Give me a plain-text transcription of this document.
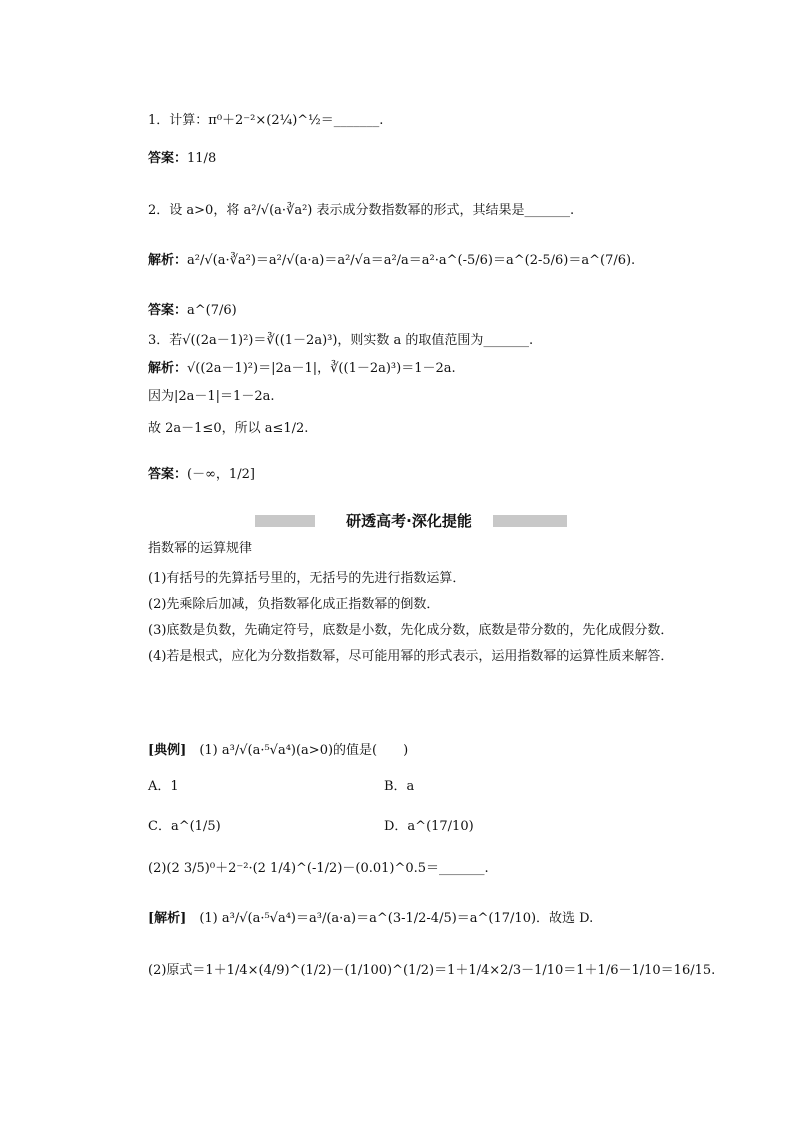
1．计算：π⁰＋2⁻²×(2¼)^½＝_______.
答案：11/8
2．设 a>0，将 a²/√(a·∛a²) 表示成分数指数幂的形式，其结果是_______.
解析：a²/√(a·∛a²)＝a²/√(a·a)＝a²/√a＝a²/a＝a²·a^(-5/6)＝a^(2-5/6)＝a^(7/6).
答案：a^(7/6)
3．若√((2a－1)²)＝∛((1－2a)³)，则实数 a 的取值范围为_______.
解析：√((2a－1)²)＝|2a－1|，∛((1－2a)³)＝1－2a.
因为|2a－1|＝1－2a.
故 2a－1≤0，所以 a≤1/2.
答案：(－∞，1/2]
研透高考·深化提能
指数幂的运算规律

(1)有括号的先算括号里的，无括号的先进行指数运算．

(2)先乘除后加减，负指数幂化成正指数幂的倒数．

(3)底数是负数，先确定符号，底数是小数，先化成分数，底数是带分数的，先化成假分数．

(4)若是根式，应化为分数指数幂，尽可能用幂的形式表示，运用指数幂的运算性质来解答．

[典例]　 (1) a³/√(a·⁵√a⁴)(a>0)的值是(　　)
A．1	B．a
C．a^(1/5)	D．a^(17/10)
(2)(2 3/5)⁰＋2⁻²·(2 1/4)^(-1/2)－(0.01)^0.5＝_______.
[解析]　 (1) a³/√(a·⁵√a⁴)＝a³/(a·a)＝a^(3-1/2-4/5)＝a^(17/10)．故选 D.
(2)原式＝1＋1/4×(4/9)^(1/2)－(1/100)^(1/2)＝1＋1/4×2/3－1/10＝1＋1/6－1/10＝16/15.
